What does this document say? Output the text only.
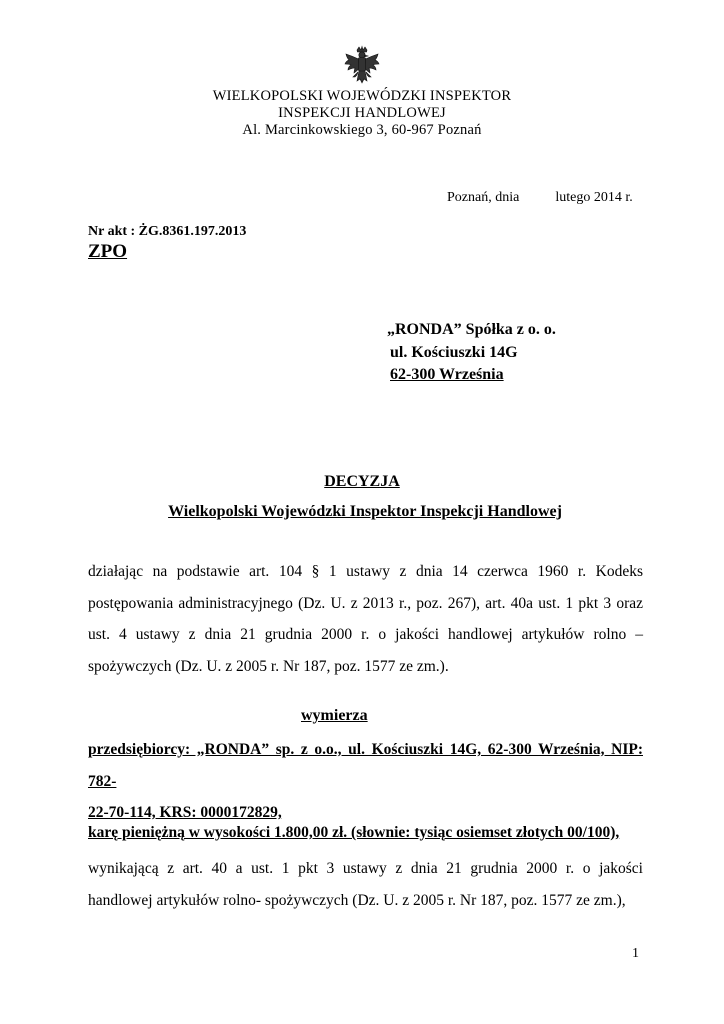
WIELKOPOLSKI WOJEWÓDZKI INSPEKTOR
INSPEKCJI HANDLOWEJ
Al. Marcinkowskiego 3, 60-967 Poznań
Poznań, dnia	lutego 2014 r.
Nr akt : ŻG.8361.197.2013
ZPO
„RONDA” Spółka z o. o.
ul. Kościuszki 14G
62-300 Września
DECYZJA
Wielkopolski Wojewódzki Inspektor Inspekcji Handlowej
działając na podstawie art. 104 § 1 ustawy z dnia 14 czerwca 1960 r. Kodeks
postępowania administracyjnego (Dz. U. z 2013 r., poz. 267), art. 40a ust. 1 pkt 3 oraz
ust. 4 ustawy z dnia 21 grudnia 2000 r. o jakości handlowej artykułów rolno –
spożywczych (Dz. U. z 2005 r. Nr 187, poz. 1577 ze zm.).
wymierza
przedsiębiorcy: „RONDA” sp. z o.o., ul. Kościuszki 14G, 62-300 Września, NIP: 782-
22-70-114, KRS: 0000172829,
karę pieniężną w wysokości 1.800,00 zł. (słownie: tysiąc osiemset złotych 00/100),
wynikającą z art. 40 a ust. 1 pkt 3 ustawy z dnia 21 grudnia 2000 r. o jakości
handlowej artykułów rolno- spożywczych (Dz. U. z 2005 r. Nr 187, poz. 1577 ze zm.),
1
